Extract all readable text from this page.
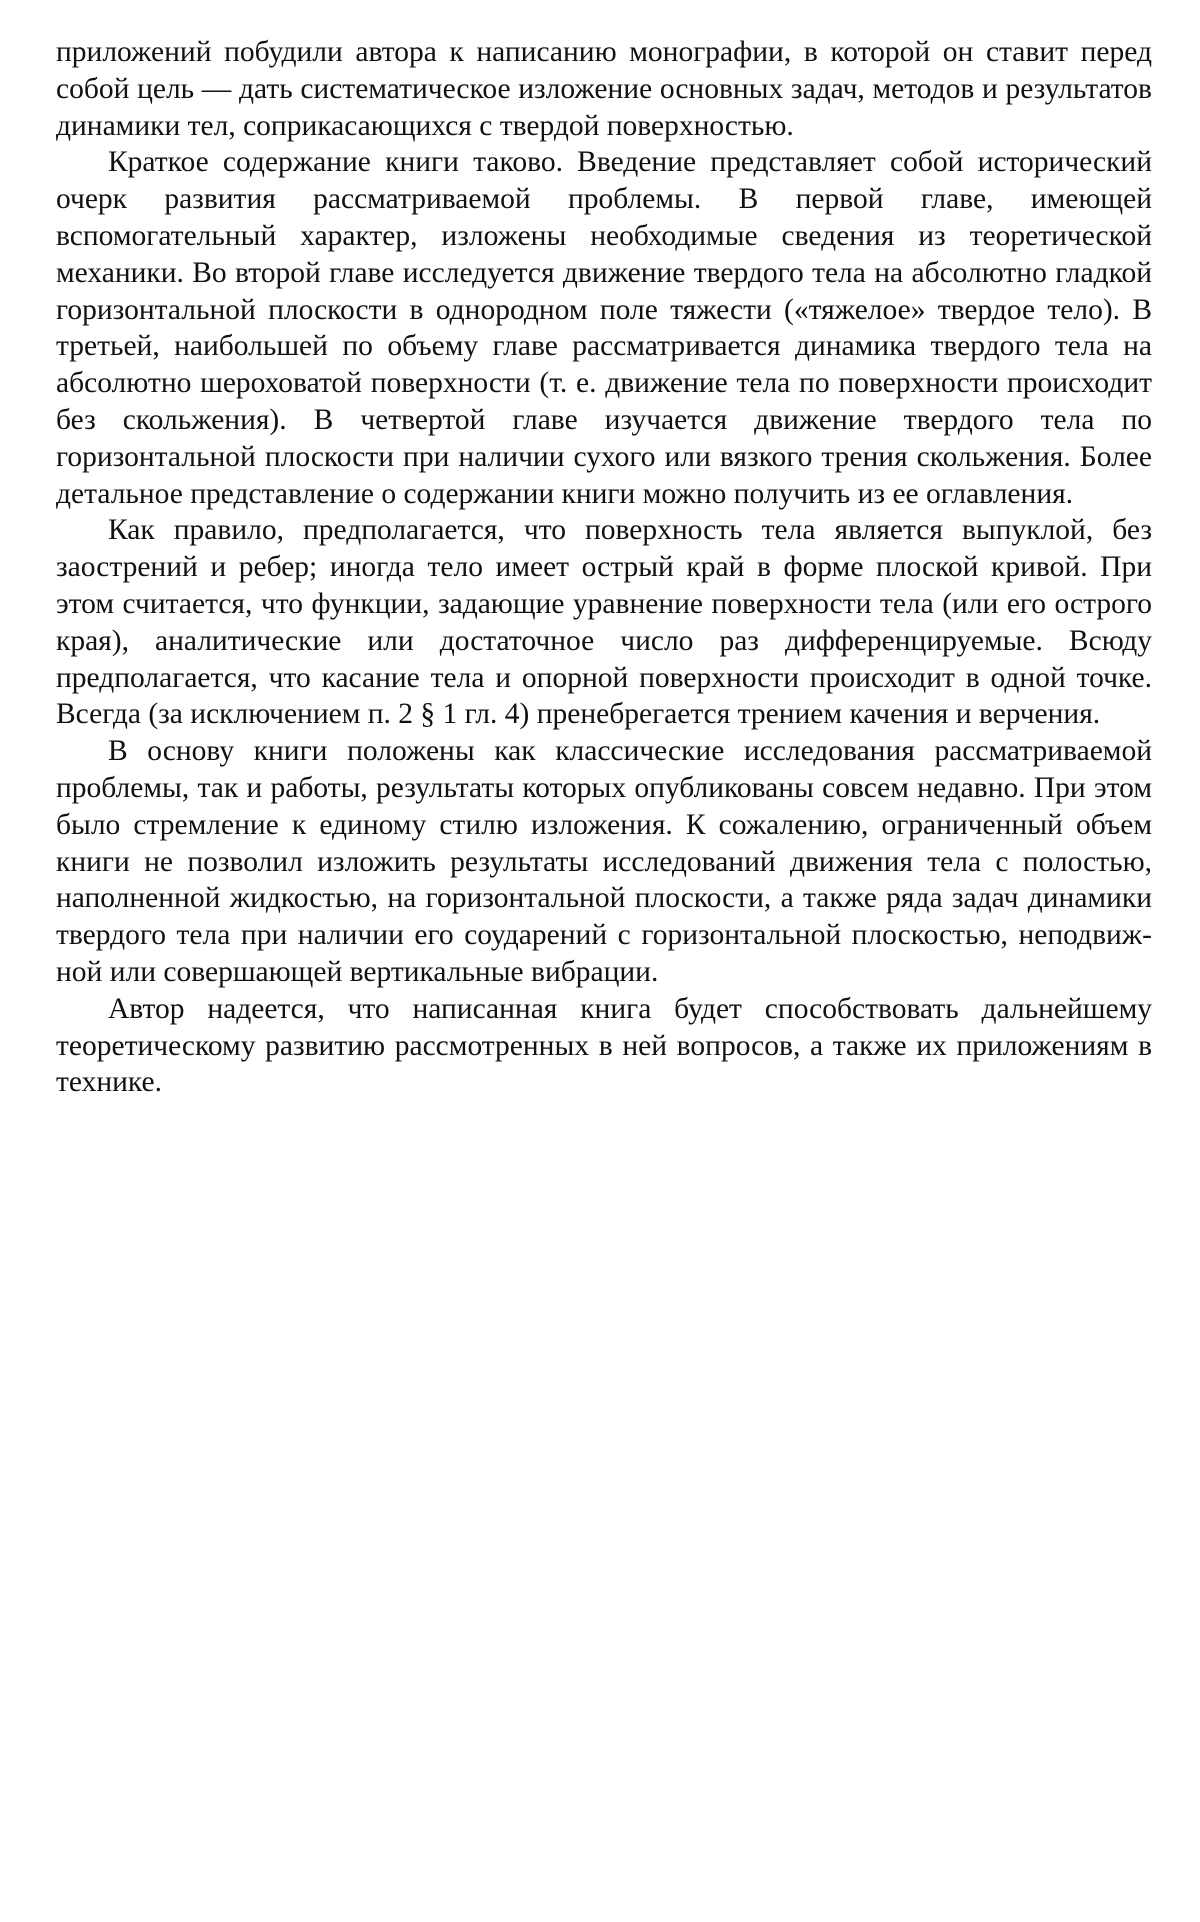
приложений побудили автора к написанию монографии, в которой он ставит перед собой цель — дать систематическое изложение основных задач, методов и результатов динамики тел, соприкасающихся с твердой поверхностью.

Краткое содержание книги таково. Введение представляет собой исторический очерк развития рассматриваемой проблемы. В первой главе, имеющей вспомогательный характер, изложены необходимые сведения из теоретической механики. Во второй главе исследуется движение твердого тела на абсолютно гладкой горизонтальной плоскости в однородном поле тяжести («тяжелое» твердое тело). В третьей, наибольшей по объему главе рассматривается динамика твердого тела на абсолютно шероховатой поверхности (т. е. движение тела по поверхности происходит без скольжения). В четвертой главе изучается движение твердого тела по горизонтальной плоскости при наличии сухого или вязкого трения скольжения. Более детальное представление о содержании книги можно получить из ее оглавления.

Как правило, предполагается, что поверхность тела является выпуклой, без заострений и ребер; иногда тело имеет острый край в форме плоской кривой. При этом считается, что функции, задающие уравнение поверхности тела (или его острого края), аналитические или достаточное число раз дифференцируемые. Всюду предполагается, что касание тела и опорной поверхности происходит в одной точке. Всегда (за исключением п. 2 § 1 гл. 4) пренебрегается трением качения и верчения.

В основу книги положены как классические исследования рассматриваемой проблемы, так и работы, результаты которых опубликованы совсем недавно. При этом было стремление к единому стилю изложения. К сожалению, ограниченный объем книги не позволил изложить результаты исследований движения тела с полостью, наполненной жидкостью, на горизонтальной плоскости, а также ряда задач динамики твердого тела при наличии его соударений с горизонтальной плоскостью, неподвижной или совершающей вертикальные вибрации.

Автор надеется, что написанная книга будет способствовать дальнейшему теоретическому развитию рассмотренных в ней вопросов, а также их приложениям в технике.
